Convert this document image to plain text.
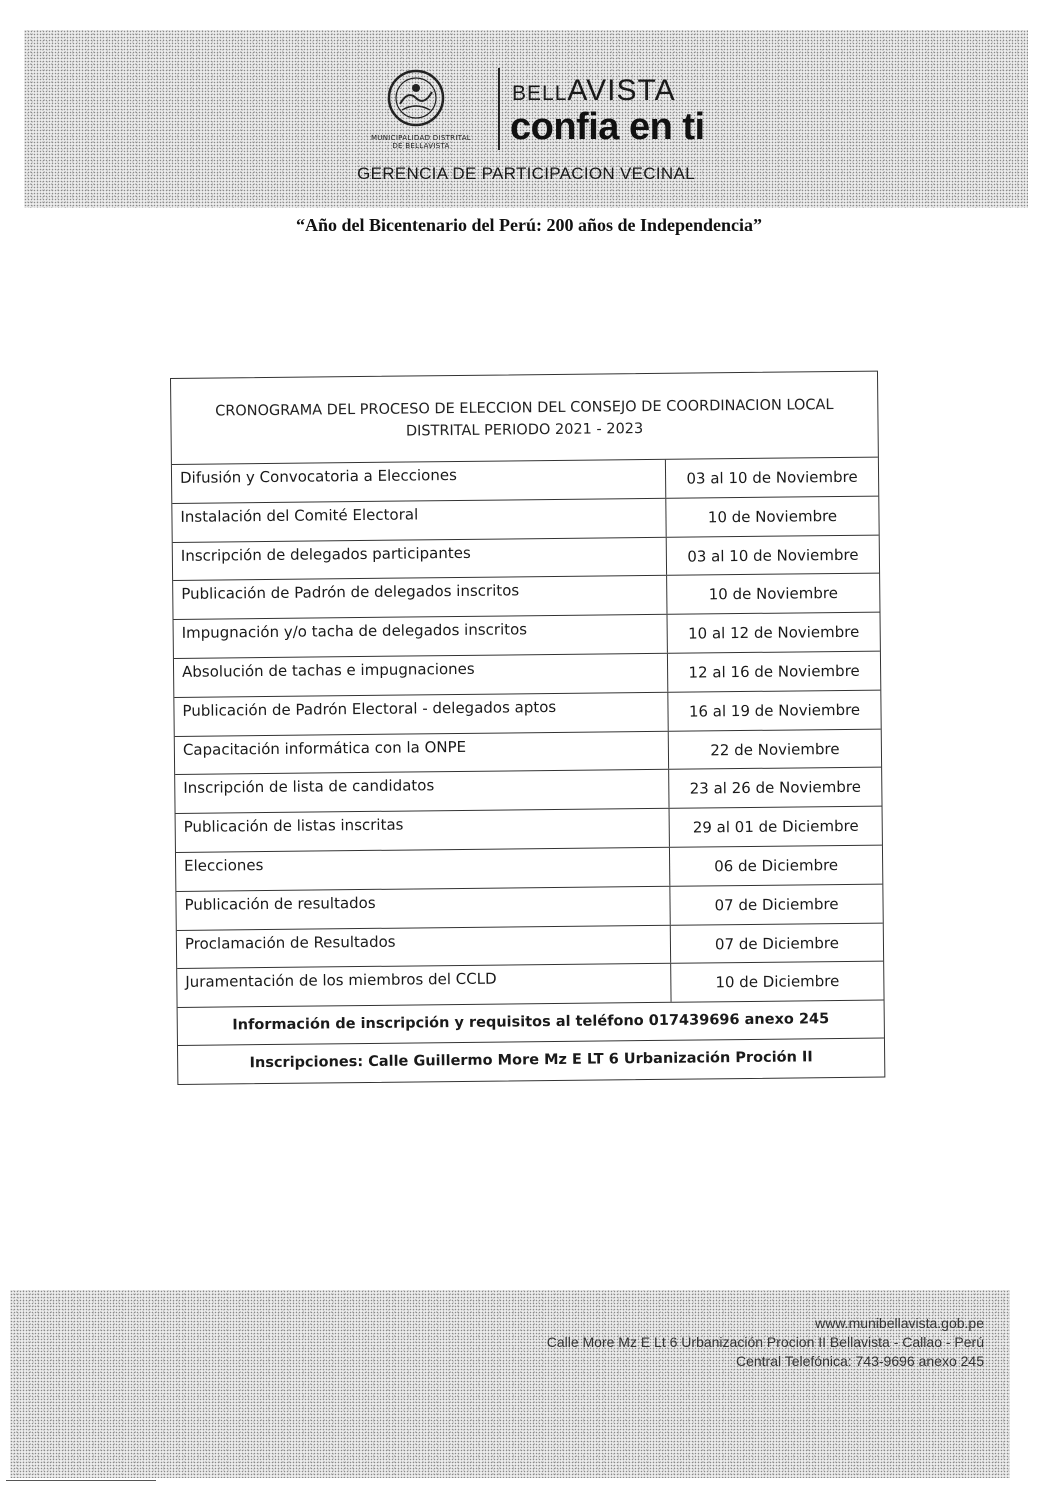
MUNICIPALIDAD DISTRITAL
DE BELLAVISTA
BELLAVISTA
confia en ti
GERENCIA DE PARTICIPACION VECINAL
“Año del Bicentenario del Perú: 200 años de Independencia”
CRONOGRAMA DEL PROCESO DE ELECCION DEL CONSEJO DE COORDINACION LOCAL
DISTRITAL PERIODO 2021 - 2023
Difusión y Convocatoria a Elecciones	03 al 10 de Noviembre
Instalación del Comité Electoral	10 de Noviembre
Inscripción de delegados participantes	03 al 10 de Noviembre
Publicación de Padrón de delegados inscritos	10 de Noviembre
Impugnación y/o tacha de delegados inscritos	10 al 12 de Noviembre
Absolución de tachas e impugnaciones	12 al 16 de Noviembre
Publicación de Padrón Electoral - delegados aptos	16 al 19 de Noviembre
Capacitación informática con la ONPE	22 de Noviembre
Inscripción de lista de candidatos	23 al 26 de Noviembre
Publicación de listas inscritas	29 al 01 de Diciembre
Elecciones	06 de Diciembre
Publicación de resultados	07 de Diciembre
Proclamación de Resultados	07 de Diciembre
Juramentación de los miembros del CCLD	10 de Diciembre
Información de inscripción y requisitos al teléfono 017439696 anexo 245
Inscripciones: Calle Guillermo More Mz E LT 6 Urbanización Proción II
www.munibellavista.gob.pe
Calle More Mz E Lt 6 Urbanización Procion II Bellavista - Callao - Perú
Central Telefónica: 743-9696 anexo 245
